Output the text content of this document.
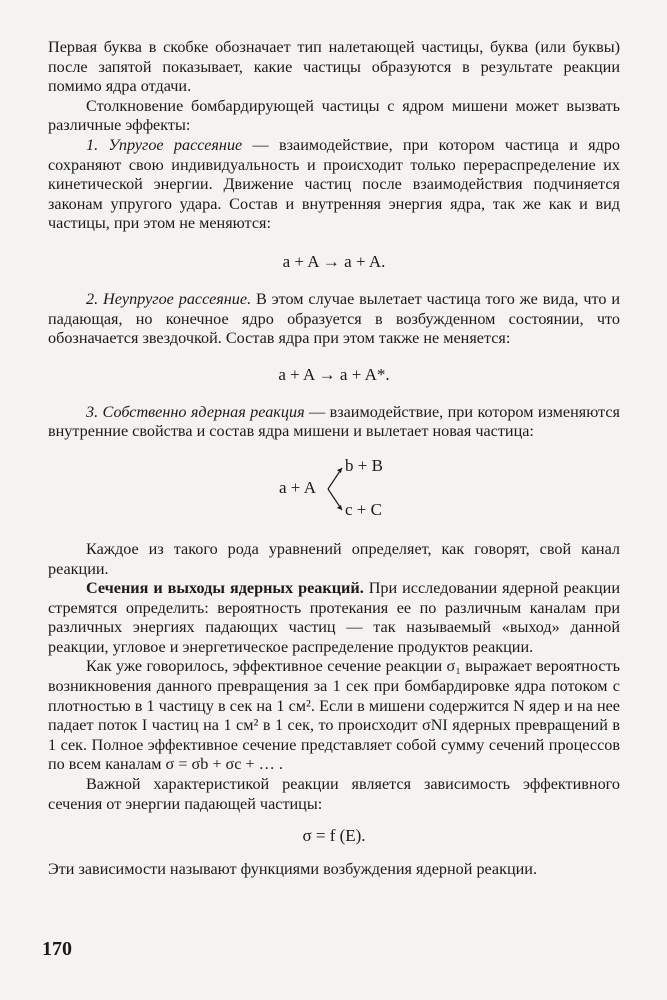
Первая буква в скобке обозначает тип налетающей частицы, буква (или буквы) после запятой показывает, какие частицы образуются в результате реакции помимо ядра отдачи.

Столкновение бомбардирующей частицы с ядром мишени может вызвать различные эффекты:

1. Упругое рассеяние — взаимодействие, при котором частица и ядро сохраняют свою индивидуальность и происходит только перераспределение их кинетической энергии. Движение частиц после взаимодействия подчиняется законам упругого удара. Состав и внутренняя энергия ядра, так же как и вид частицы, при этом не меняются:

a + A → a + A.

2. Неупругое рассеяние. В этом случае вылетает частица того же вида, что и падающая, но конечное ядро образуется в возбужденном состоянии, что обозначается звездочкой. Состав ядра при этом также не меняется:

a + A → a + A*.

3. Собственно ядерная реакция — взаимодействие, при котором изменяются внутренние свойства и состав ядра мишени и вылетает новая частица:

a + A
b + B
c + C

Каждое из такого рода уравнений определяет, как говорят, свой канал реакции.

Сечения и выходы ядерных реакций. При исследовании ядерной реакции стремятся определить: вероятность протекания ее по различным каналам при различных энергиях падающих частиц — так называемый «выход» данной реакции, угловое и энергетическое распределение продуктов реакции.

Как уже говорилось, эффективное сечение реакции σ₁ выражает вероятность возникновения данного превращения за 1 сек при бомбардировке ядра потоком с плотностью в 1 частицу в сек на 1 см². Если в мишени содержится N ядер и на нее падает поток I частиц на 1 см² в 1 сек, то происходит σNI ядерных превращений в 1 сек. Полное эффективное сечение представляет собой сумму сечений процессов по всем каналам σ = σb + σc + … .

Важной характеристикой реакции является зависимость эффективного сечения от энергии падающей частицы:

σ = f (E).

Эти зависимости называют функциями возбуждения ядерной реакции.

170
